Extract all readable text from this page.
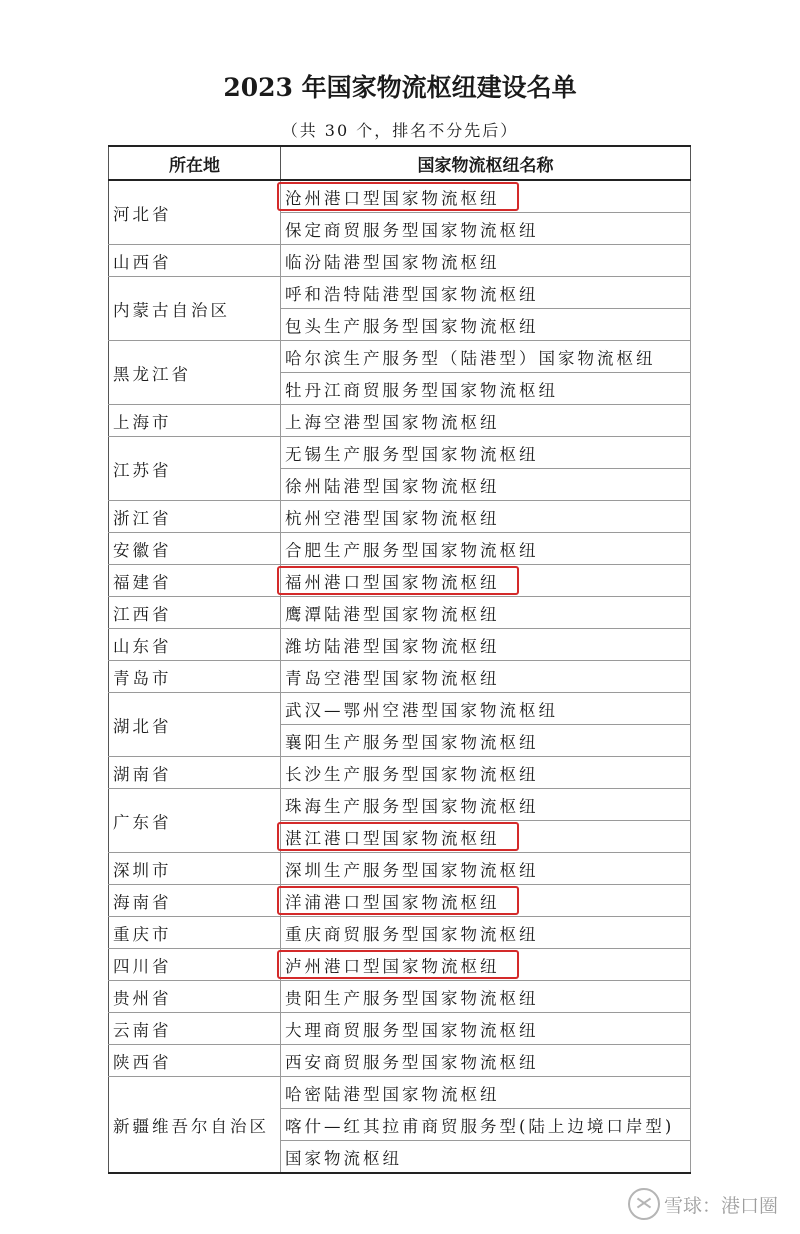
2023 年国家物流枢纽建设名单
（共 30 个，排名不分先后）
所在地	国家物流枢纽名称
河北省	沧州港口型国家物流枢纽

	保定商贸服务型国家物流枢纽
山西省	临汾陆港型国家物流枢纽
内蒙古自治区	呼和浩特陆港型国家物流枢纽
	包头生产服务型国家物流枢纽
黑龙江省	哈尔滨生产服务型（陆港型）国家物流枢纽
	牡丹江商贸服务型国家物流枢纽
上海市	上海空港型国家物流枢纽
江苏省	无锡生产服务型国家物流枢纽
	徐州陆港型国家物流枢纽
浙江省	杭州空港型国家物流枢纽
安徽省	合肥生产服务型国家物流枢纽
福建省	福州港口型国家物流枢纽

江西省	鹰潭陆港型国家物流枢纽
山东省	潍坊陆港型国家物流枢纽
青岛市	青岛空港型国家物流枢纽
湖北省	武汉—鄂州空港型国家物流枢纽
	襄阳生产服务型国家物流枢纽
湖南省	长沙生产服务型国家物流枢纽
广东省	珠海生产服务型国家物流枢纽
	湛江港口型国家物流枢纽

深圳市	深圳生产服务型国家物流枢纽
海南省	洋浦港口型国家物流枢纽

重庆市	重庆商贸服务型国家物流枢纽
四川省	泸州港口型国家物流枢纽

贵州省	贵阳生产服务型国家物流枢纽
云南省	大理商贸服务型国家物流枢纽
陕西省	西安商贸服务型国家物流枢纽
新疆维吾尔自治区	哈密陆港型国家物流枢纽
	喀什—红其拉甫商贸服务型(陆上边境口岸型)
	国家物流枢纽
雪球：港口圈
